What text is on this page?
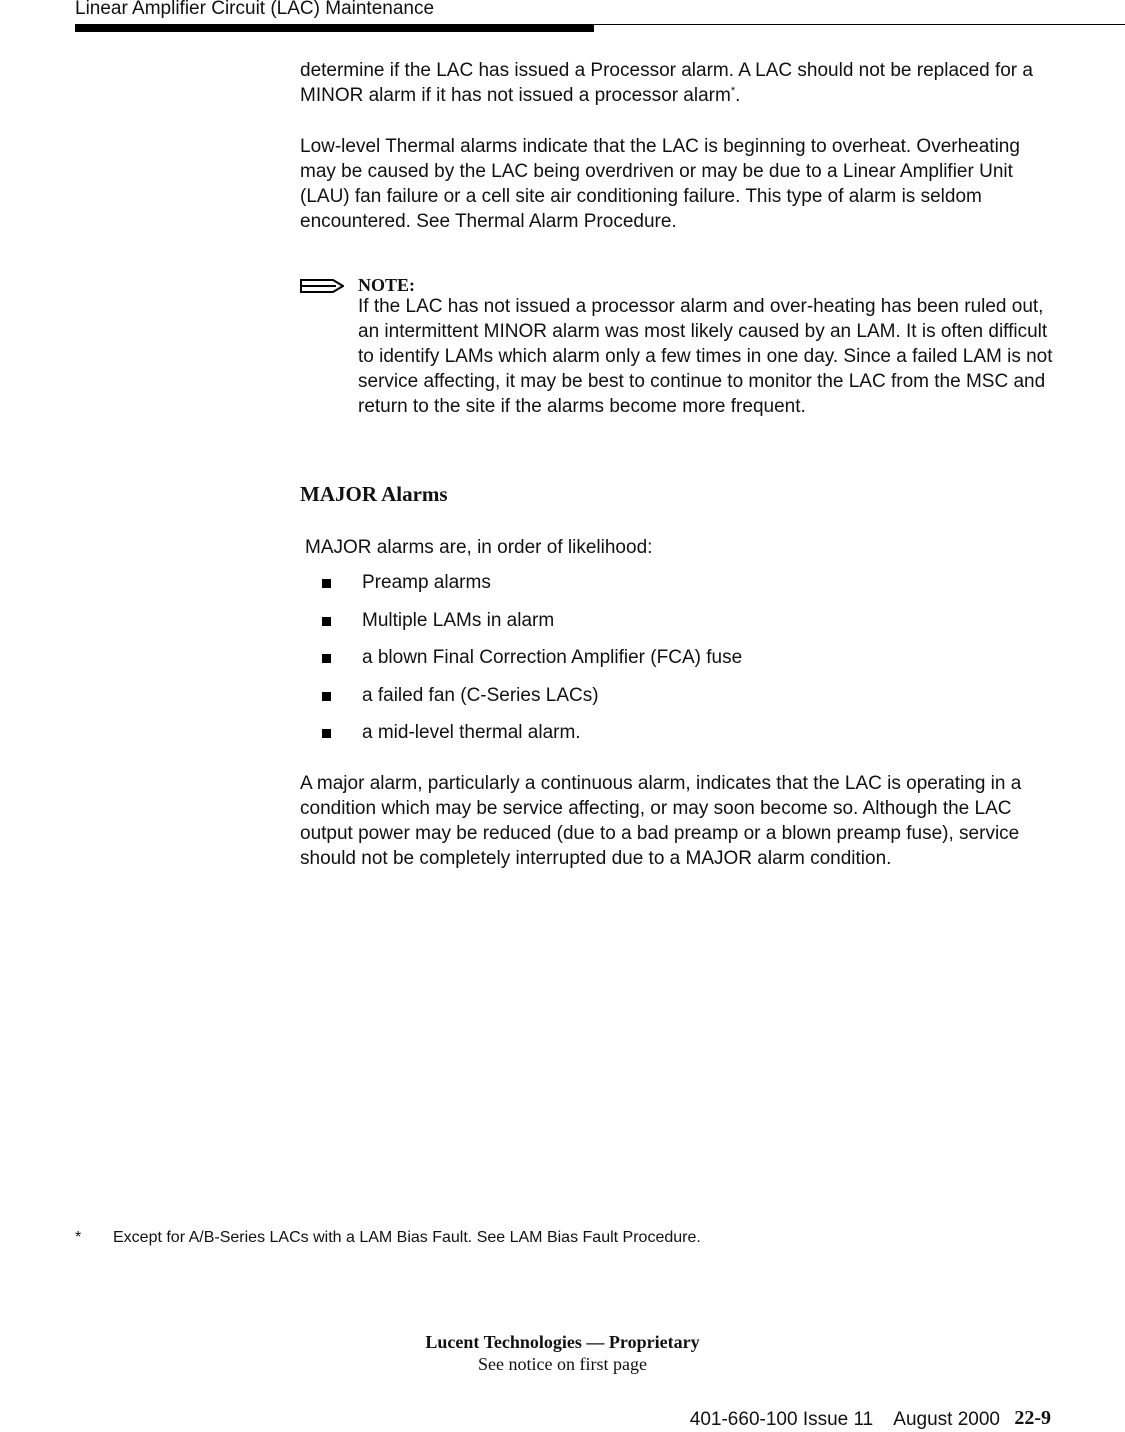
Linear Amplifier Circuit (LAC) Maintenance

determine if the LAC has issued a Processor alarm. A LAC should not be replaced for a MINOR alarm if it has not issued a processor alarm*.

Low-level Thermal alarms indicate that the LAC is beginning to overheat. Overheating may be caused by the LAC being overdriven or may be due to a Linear Amplifier Unit (LAU) fan failure or a cell site air conditioning failure. This type of alarm is seldom encountered. See Thermal Alarm Procedure.

NOTE:

If the LAC has not issued a processor alarm and over-heating has been ruled out, an intermittent MINOR alarm was most likely caused by an LAM. It is often difficult to identify LAMs which alarm only a few times in one day. Since a failed LAM is not service affecting, it may be best to continue to monitor the LAC from the MSC and return to the site if the alarms become more frequent.

MAJOR Alarms
MAJOR alarms are, in order of likelihood:
Preamp alarms
Multiple LAMs in alarm
a blown Final Correction Amplifier (FCA) fuse
a failed fan (C-Series LACs)
a mid-level thermal alarm.

A major alarm, particularly a continuous alarm, indicates that the LAC is operating in a condition which may be service affecting, or may soon become so. Although the LAC output power may be reduced (due to a bad preamp or a blown preamp fuse), service should not be completely interrupted due to a MAJOR alarm condition.

* Except for A/B-Series LACs with a LAM Bias Fault. See LAM Bias Fault Procedure.
Lucent Technologies — Proprietary
See notice on first page
401-660-100 Issue 11    August 2000 22-9
